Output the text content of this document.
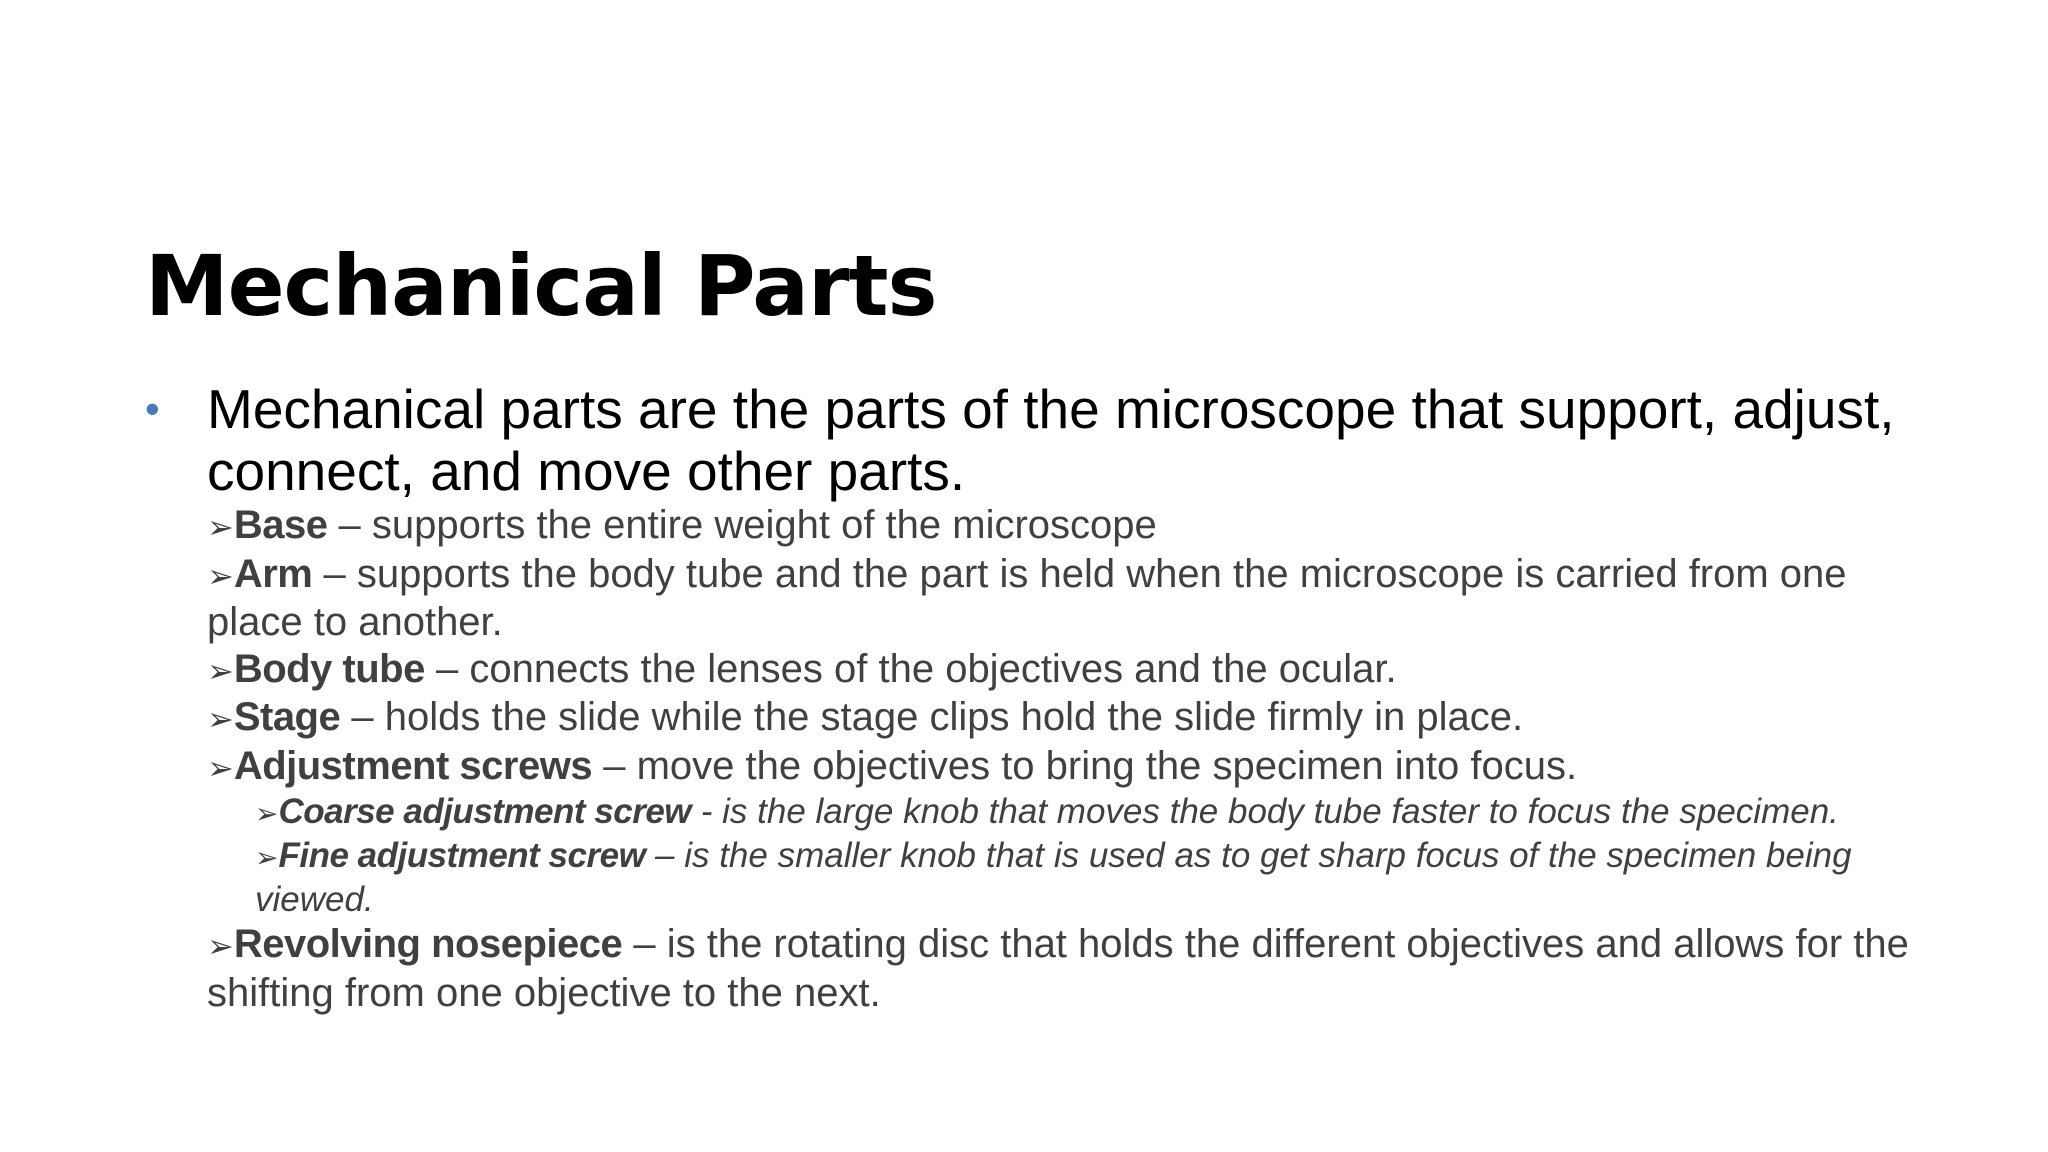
Mechanical Parts
• Mechanical parts are the parts of the microscope that support, adjust, connect, and move other parts.
➢Base – supports the entire weight of the microscope
➢Arm – supports the body tube and the part is held when the microscope is carried from one place to another.
➢Body tube – connects the lenses of the objectives and the ocular.
➢Stage – holds the slide while the stage clips hold the slide firmly in place.
➢Adjustment screws – move the objectives to bring the specimen into focus.
➢Coarse adjustment screw - is the large knob that moves the body tube faster to focus the specimen.
➢Fine adjustment screw – is the smaller knob that is used as to get sharp focus of the specimen being viewed.
➢Revolving nosepiece – is the rotating disc that holds the different objectives and allows for the shifting from one objective to the next.
